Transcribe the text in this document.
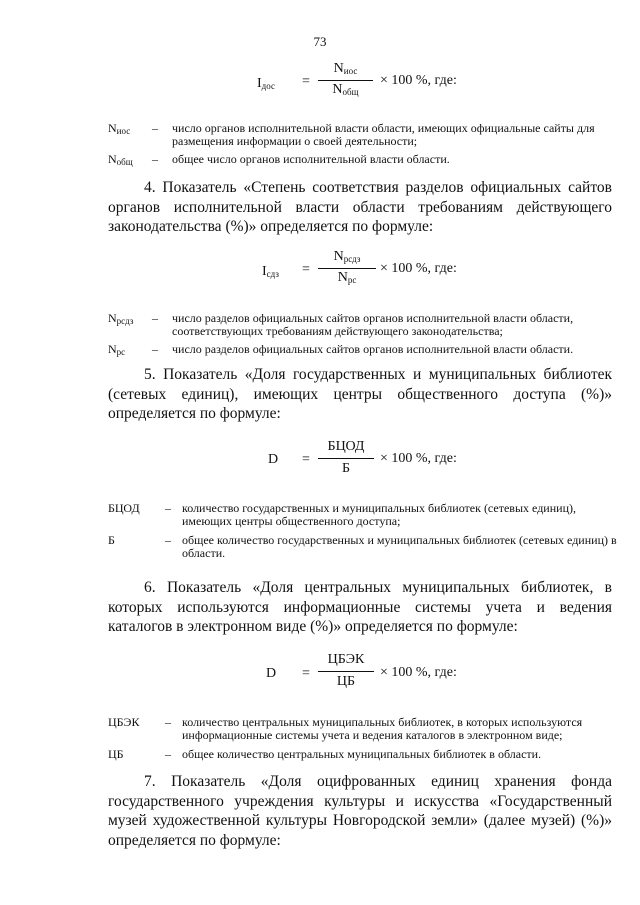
73
$I_{дос}$ =
$N_{иос}$
$N_{общ}$
× 100 %, где:
$N_{иос}$ – число органов исполнительной власти области, имеющих официальные сайты для размещения информации о своей деятельности;
$N_{общ}$ – общее число органов исполнительной власти области.
4. Показатель «Степень соответствия разделов официальных сайтов органов исполнительной власти области требованиям действующего законодательства (%)» определяется по формуле:
$I_{сдз}$ =
$N_{рсдз}$
$N_{рс}$
× 100 %, где:
$N_{рсдз}$ – число разделов официальных сайтов органов исполнительной власти области, соответствующих требованиям действующего законодательства;
$N_{рс}$ – число разделов официальных сайтов органов исполнительной власти области.
5. Показатель «Доля государственных и муниципальных библиотек (сетевых единиц), имеющих центры общественного доступа (%)» определяется по формуле:
D =
БЦОД
Б
× 100 %, где:
БЦОД – количество государственных и муниципальных библиотек (сетевых единиц), имеющих центры общественного доступа;
Б	– общее количество государственных и муниципальных библиотек (сетевых единиц) в области.
6. Показатель «Доля центральных муниципальных библиотек, в которых используются информационные системы учета и ведения каталогов в электронном виде (%)» определяется по формуле:
D =
ЦБЭК
ЦБ
× 100 %, где:
ЦБЭК – количество центральных муниципальных библиотек, в которых используются информационные системы учета и ведения каталогов в электронном виде;
ЦБ	– общее количество центральных муниципальных библиотек в области.
7. Показатель «Доля оцифрованных единиц хранения фонда государственного учреждения культуры и искусства «Государственный музей художественной культуры Новгородской земли» (далее музей) (%)» определяется по формуле:
